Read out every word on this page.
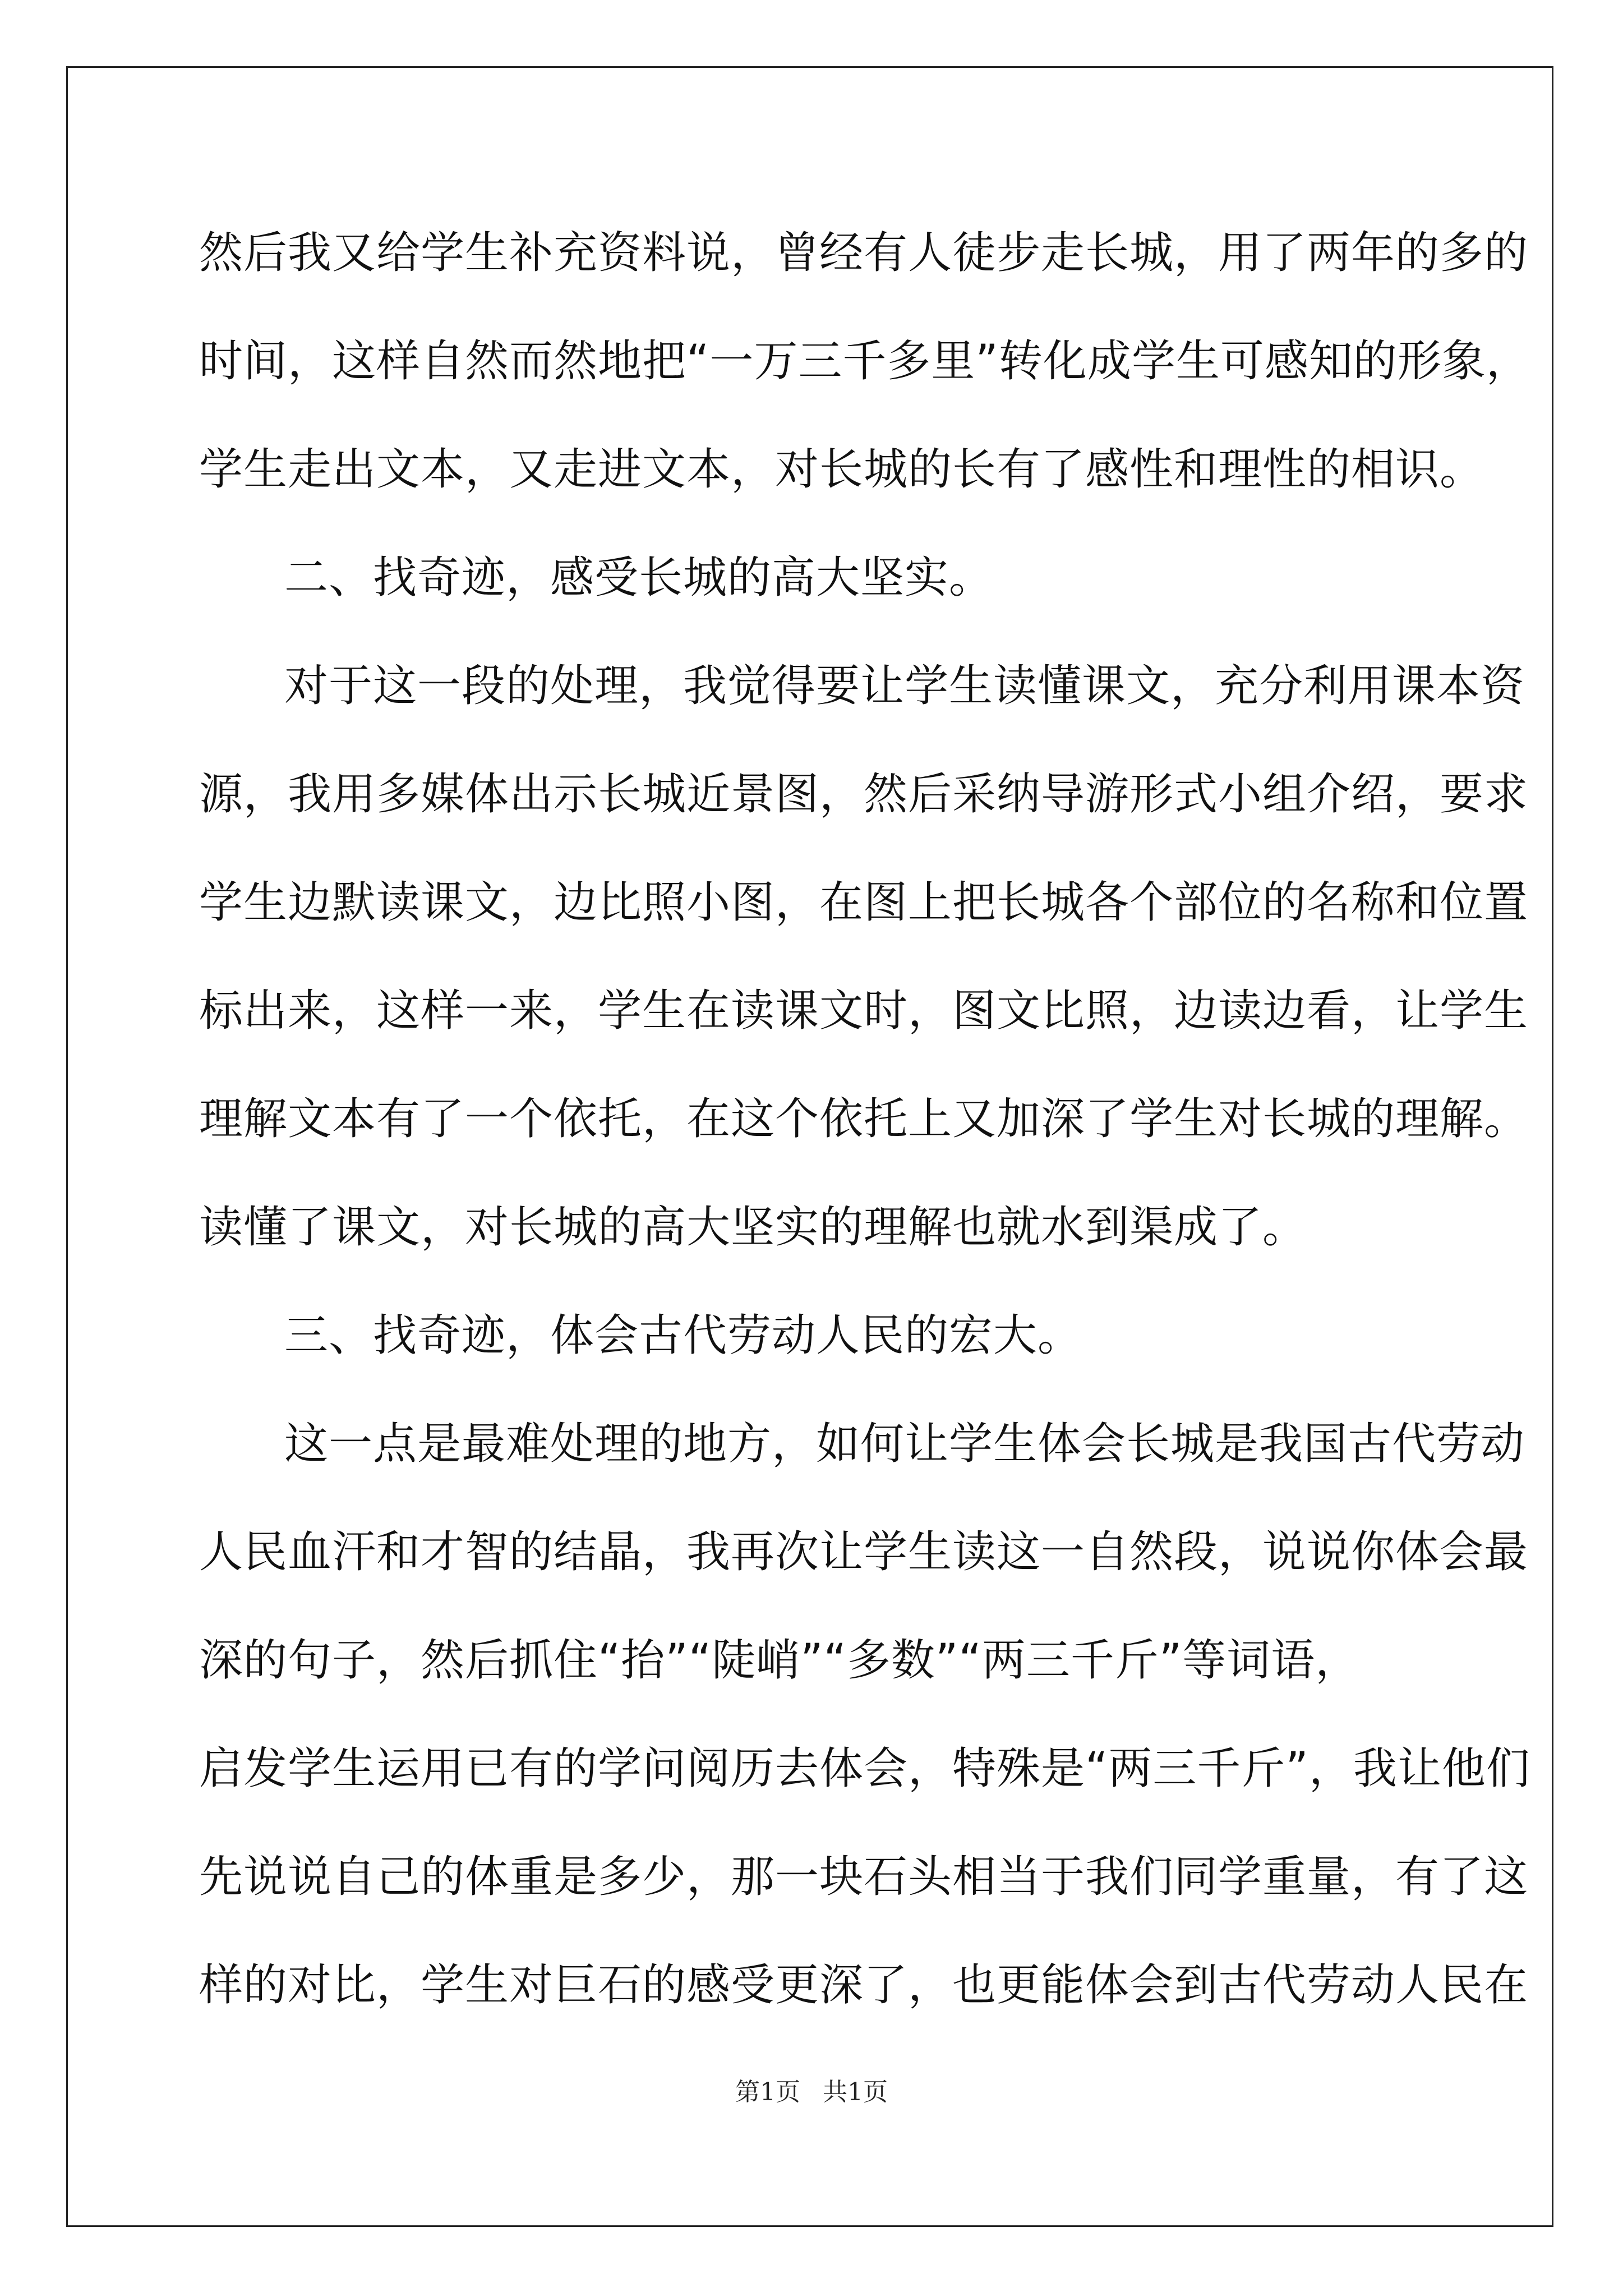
然后我又给学生补充资料说，曾经有人徒步走长城，用了两年的多的
时间，这样自然而然地把“一万三千多里”转化成学生可感知的形象，
学生走出文本，又走进文本，对长城的长有了感性和理性的相识。
二、找奇迹，感受长城的高大坚实。
对于这一段的处理，我觉得要让学生读懂课文，充分利用课本资
源，我用多媒体出示长城近景图，然后采纳导游形式小组介绍，要求
学生边默读课文，边比照小图，在图上把长城各个部位的名称和位置
标出来，这样一来，学生在读课文时，图文比照，边读边看，让学生
理解文本有了一个依托，在这个依托上又加深了学生对长城的理解。
读懂了课文，对长城的高大坚实的理解也就水到渠成了。
三、找奇迹，体会古代劳动人民的宏大。
这一点是最难处理的地方，如何让学生体会长城是我国古代劳动
人民血汗和才智的结晶，我再次让学生读这一自然段，说说你体会最
深的句子，然后抓住“抬”“陡峭”“多数”“两三千斤”等词语，
启发学生运用已有的学问阅历去体会，特殊是“两三千斤”，我让他们
先说说自己的体重是多少，那一块石头相当于我们同学重量，有了这
样的对比，学生对巨石的感受更深了，也更能体会到古代劳动人民在
第1页 共1页
